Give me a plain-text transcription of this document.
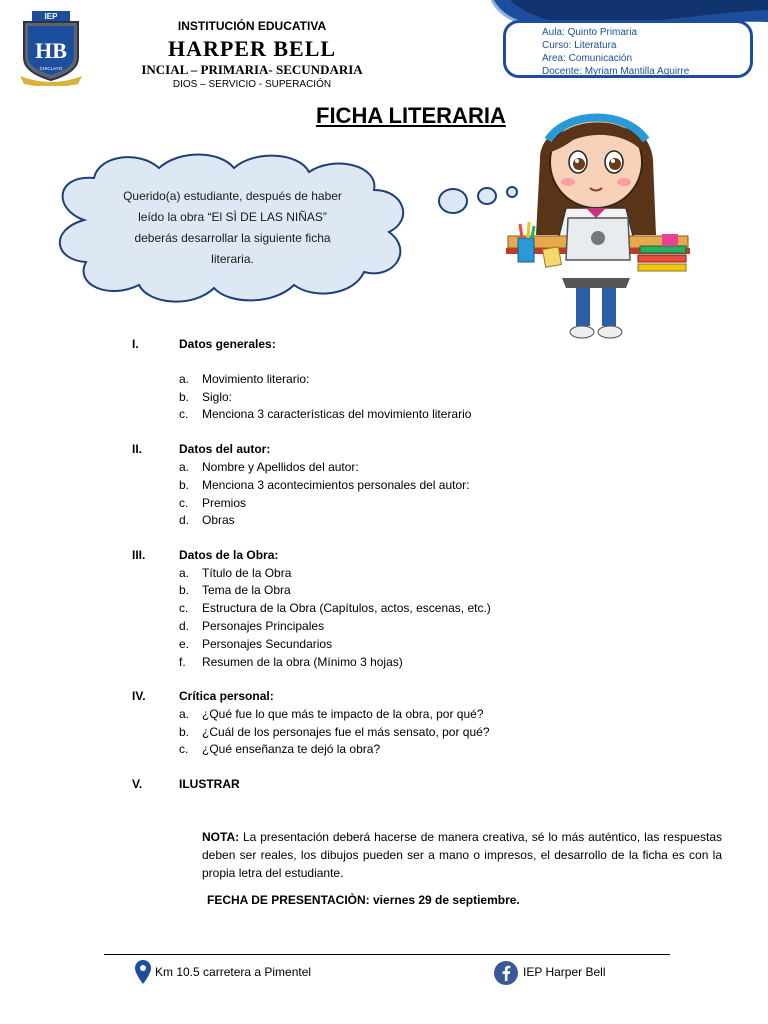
Aula: Quinto Primaria
Curso: Literatura
Area: Comunicación
Docente: Myriam Mantilla Aguirre
IEP
HB
CHICLAYO
INSTITUCIÓN EDUCATIVA
HARPER BELL
INCIAL – PRIMARIA- SECUNDARIA
DIOS – SERVICIO - SUPERACIÓN
FICHA LITERARIA
Querido(a) estudiante, después de haber
leído la obra “El SÌ DE LAS NIÑAS”
deberás desarrollar la siguiente ficha
literaria.
I.	Datos generales:
a. Movimiento literario:
b. Siglo:
c. Menciona 3 características del movimiento literario
II.	Datos del autor:
a. Nombre y Apellidos del autor:
b. Menciona 3 acontecimientos personales del autor:
c. Premios
d. Obras
III.	Datos de la Obra:
a. Título de la Obra
b. Tema de la Obra
c. Estructura de la Obra (Capítulos, actos, escenas, etc.)
d. Personajes Principales
e. Personajes Secundarios
f. Resumen de la obra (Mínimo 3 hojas)
IV.	Crítica personal:
a. ¿Qué fue lo que más te impacto de la obra, por qué?
b. ¿Cuál de los personajes fue el más sensato, por qué?
c. ¿Qué enseñanza te dejó la obra?
V.	ILUSTRAR
NOTA: La presentación deberá hacerse de manera creativa, sé lo más auténtico, las respuestas deben ser reales, los dibujos pueden ser a mano o impresos, el desarrollo de la ficha es con la propia letra del estudiante.
FECHA DE PRESENTACIÒN: viernes 29 de septiembre.
Km 10.5 carretera a Pimentel	IEP Harper Bell
